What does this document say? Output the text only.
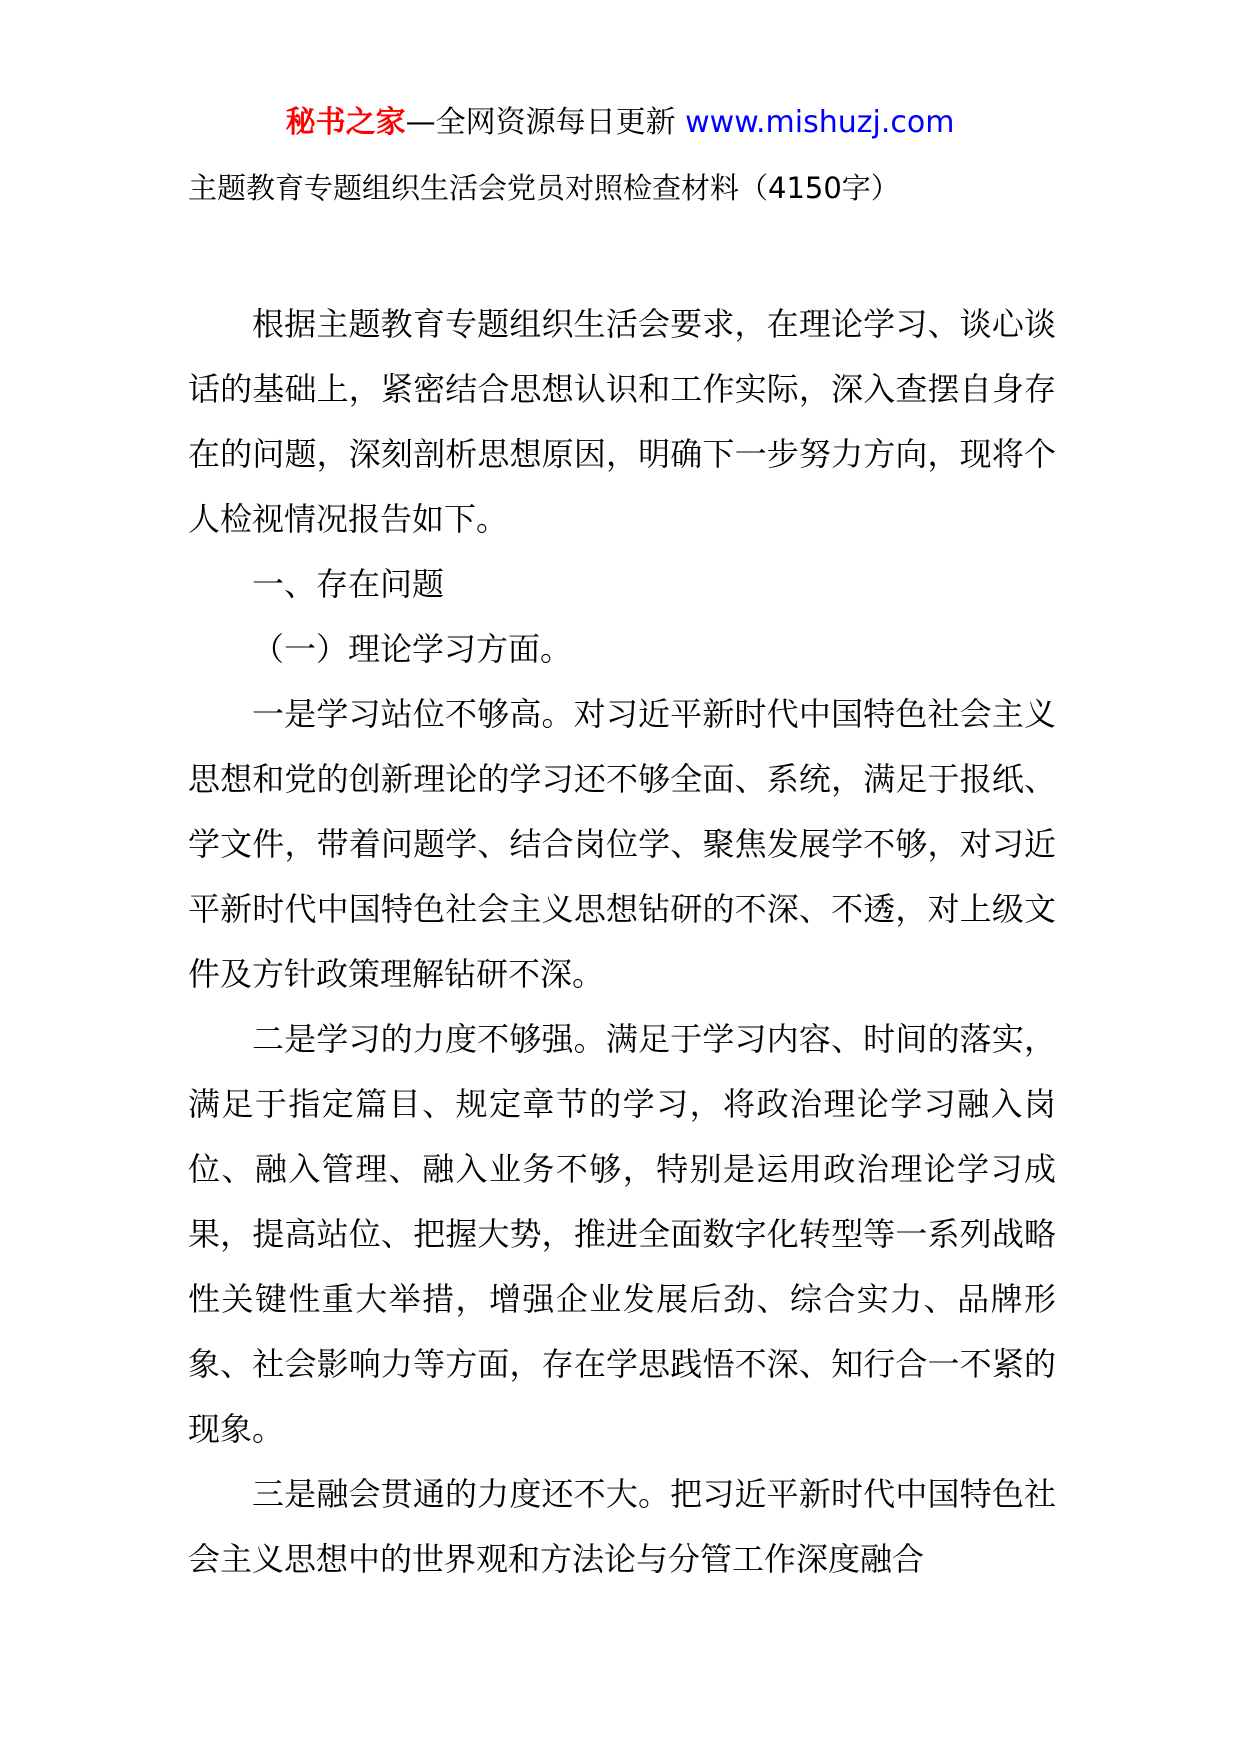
秘书之家—全网资源每日更新 www.mishuzj.com
主题教育专题组织生活会党员对照检查材料（4150字）

根据主题教育专题组织生活会要求，在理论学习、谈心谈话的基础上，紧密结合思想认识和工作实际，深入查摆自身存在的问题，深刻剖析思想原因，明确下一步努力方向，现将个人检视情况报告如下。

一、存在问题

（一）理论学习方面。

一是学习站位不够高。对习近平新时代中国特色社会主义思想和党的创新理论的学习还不够全面、系统，满足于报纸、学文件，带着问题学、结合岗位学、聚焦发展学不够，对习近平新时代中国特色社会主义思想钻研的不深、不透，对上级文件及方针政策理解钻研不深。

二是学习的力度不够强。满足于学习内容、时间的落实，满足于指定篇目、规定章节的学习，将政治理论学习融入岗位、融入管理、融入业务不够，特别是运用政治理论学习成果，提高站位、把握大势，推进全面数字化转型等一系列战略性关键性重大举措，增强企业发展后劲、综合实力、品牌形象、社会影响力等方面，存在学思践悟不深、知行合一不紧的现象。

三是融会贯通的力度还不大。把习近平新时代中国特色社会主义思想中的世界观和方法论与分管工作深度融合
